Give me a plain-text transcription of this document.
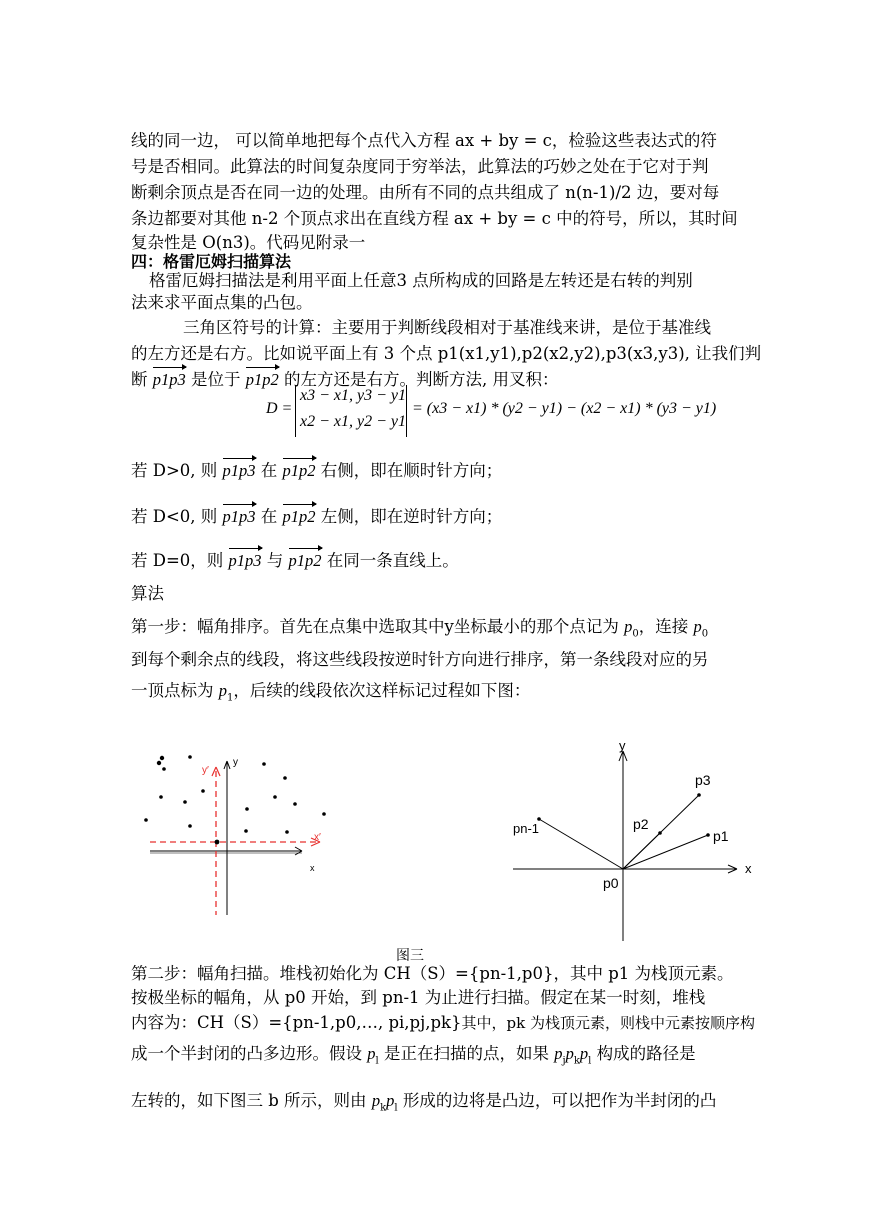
线的同一边， 可以简单地把每个点代入方程 ax + by = c，检验这些表达式的符
号是否相同。此算法的时间复杂度同于穷举法，此算法的巧妙之处在于它对于判
断剩余顶点是否在同一边的处理。由所有不同的点共组成了 n(n-1)/2 边，要对每
条边都要对其他 n-2 个顶点求出在直线方程 ax + by = c 中的符号，所以，其时间
复杂性是 O(n3)。代码见附录一
四：格雷厄姆扫描算法
格雷厄姆扫描法是利用平面上任意3 点所构成的回路是左转还是右转的判别
法来求平面点集的凸包。
三角区符号的计算：主要用于判断线段相对于基准线来讲，是位于基准线
的左方还是右方。比如说平面上有 3 个点 p1(x1,y1),p2(x2,y2),p3(x3,y3), 让我们判
断 p1p3 是位于 p1p2 的左方还是右方。判断方法, 用叉积：
D =
x3 − x1, y3 − y1
x2 − x1, y2 − y1
= (x3 − x1) * (y2 − y1) − (x2 − x1) * (y3 − y1)
若 D>0, 则 p1p3 在 p1p2 右侧，即在顺时针方向；
若 D<0, 则 p1p3 在 p1p2 左侧，即在逆时针方向；
若 D=0，则 p1p3 与 p1p2 在同一条直线上。
算法
第一步：幅角排序。首先在点集中选取其中y坐标最小的那个点记为 $p_0$，连接 $p_0$
到每个剩余点的线段，将这些线段按逆时针方向进行排序，第一条线段对应的另
一顶点标为 $p_1$，后续的线段依次这样标记过程如下图：
y
x
y′
x′
y
x
p0
p1
p2
p3
pn-1
图三
第二步：幅角扫描。堆栈初始化为 CH（S）={pn-1,p0}，其中 p1 为栈顶元素。
按极坐标的幅角，从 p0 开始，到 pn-1 为止进行扫描。假定在某一时刻，堆栈
内容为：CH（S）={pn-1,p0,…, pi,pj,pk}其中，pk 为栈顶元素，则栈中元素按顺序构
成一个半封闭的凸多边形。假设 $p_l$ 是正在扫描的点，如果 $p_jp_kp_l$ 构成的路径是
左转的，如下图三 b 所示，则由 $p_kp_l$ 形成的边将是凸边，可以把作为半封闭的凸
